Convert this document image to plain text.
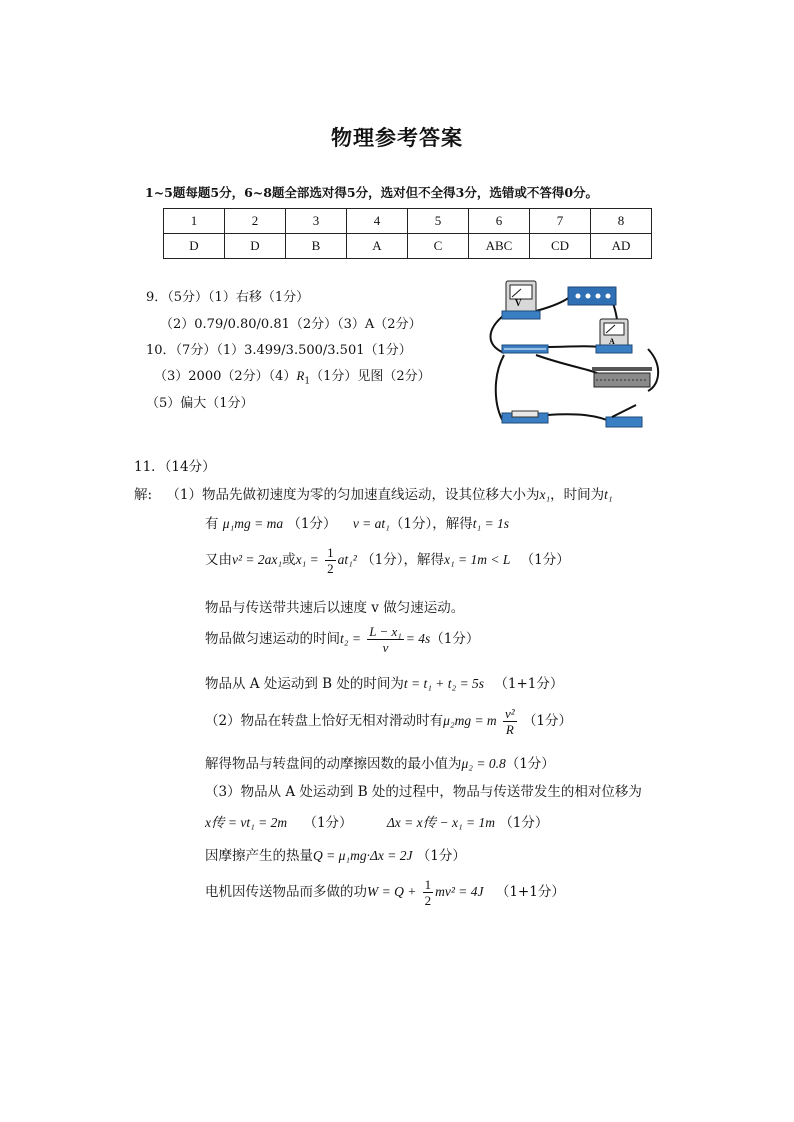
物理参考答案
1~5题每题5分，6~8题全部选对得5分，选对但不全得3分，选错或不答得0分。
1	2	3	4	5	6	7	8
D	D	B	A	C	ABC	CD	AD
9．（5分）（1）右移（1分）
（2）0.79/0.80/0.81（2分）（3）A（2分）
10．（7分）（1）3.499/3.500/3.501（1分）
（3）2000（2分）$(4)R_1(1$分）见图（2分）
（5）偏大（1分）
V
A
11．（14分）
解: （1）物品先做初速度为零的匀加速直线运动，设其位移大小为x₁，时间为t₁
有 μ₁mg = ma （1分） v = at₁（1分），解得t₁ = 1s
又由v² = 2ax₁或$x_1 = \frac{1}{2} at_1^2$ （1分），解得x₁ = 1m < L （1分）
物品与传送带共速后以速度 v 做匀速运动。
物品做匀速运动的时间$t_2 = \frac{\text{L − x₁}}{v} = 4s(1$分）
物品从 A 处运动到 B 处的时间为t = t₁ + t₂ = 5s （1+1分）
（2）物品在转盘上恰好无相对滑动时有μ₂mg = m $\frac{\text{v²}}{R} (1$分）
解得物品与转盘间的动摩擦因数的最小值为μ₂ = 0.8（1分）
（3）物品从 A 处运动到 B 处的过程中，物品与传送带发生的相对位移为
x传 = vt₁ = 2m （1分）	Δx = x传 − x₁ = 1m （1分）
因摩擦产生的热量Q = μ₁mg·Δx = 2J （1分）
电机因传送物品而多做的功$W = Q + \frac{1}{2} mv^2 = 4J$ （1+1分）
